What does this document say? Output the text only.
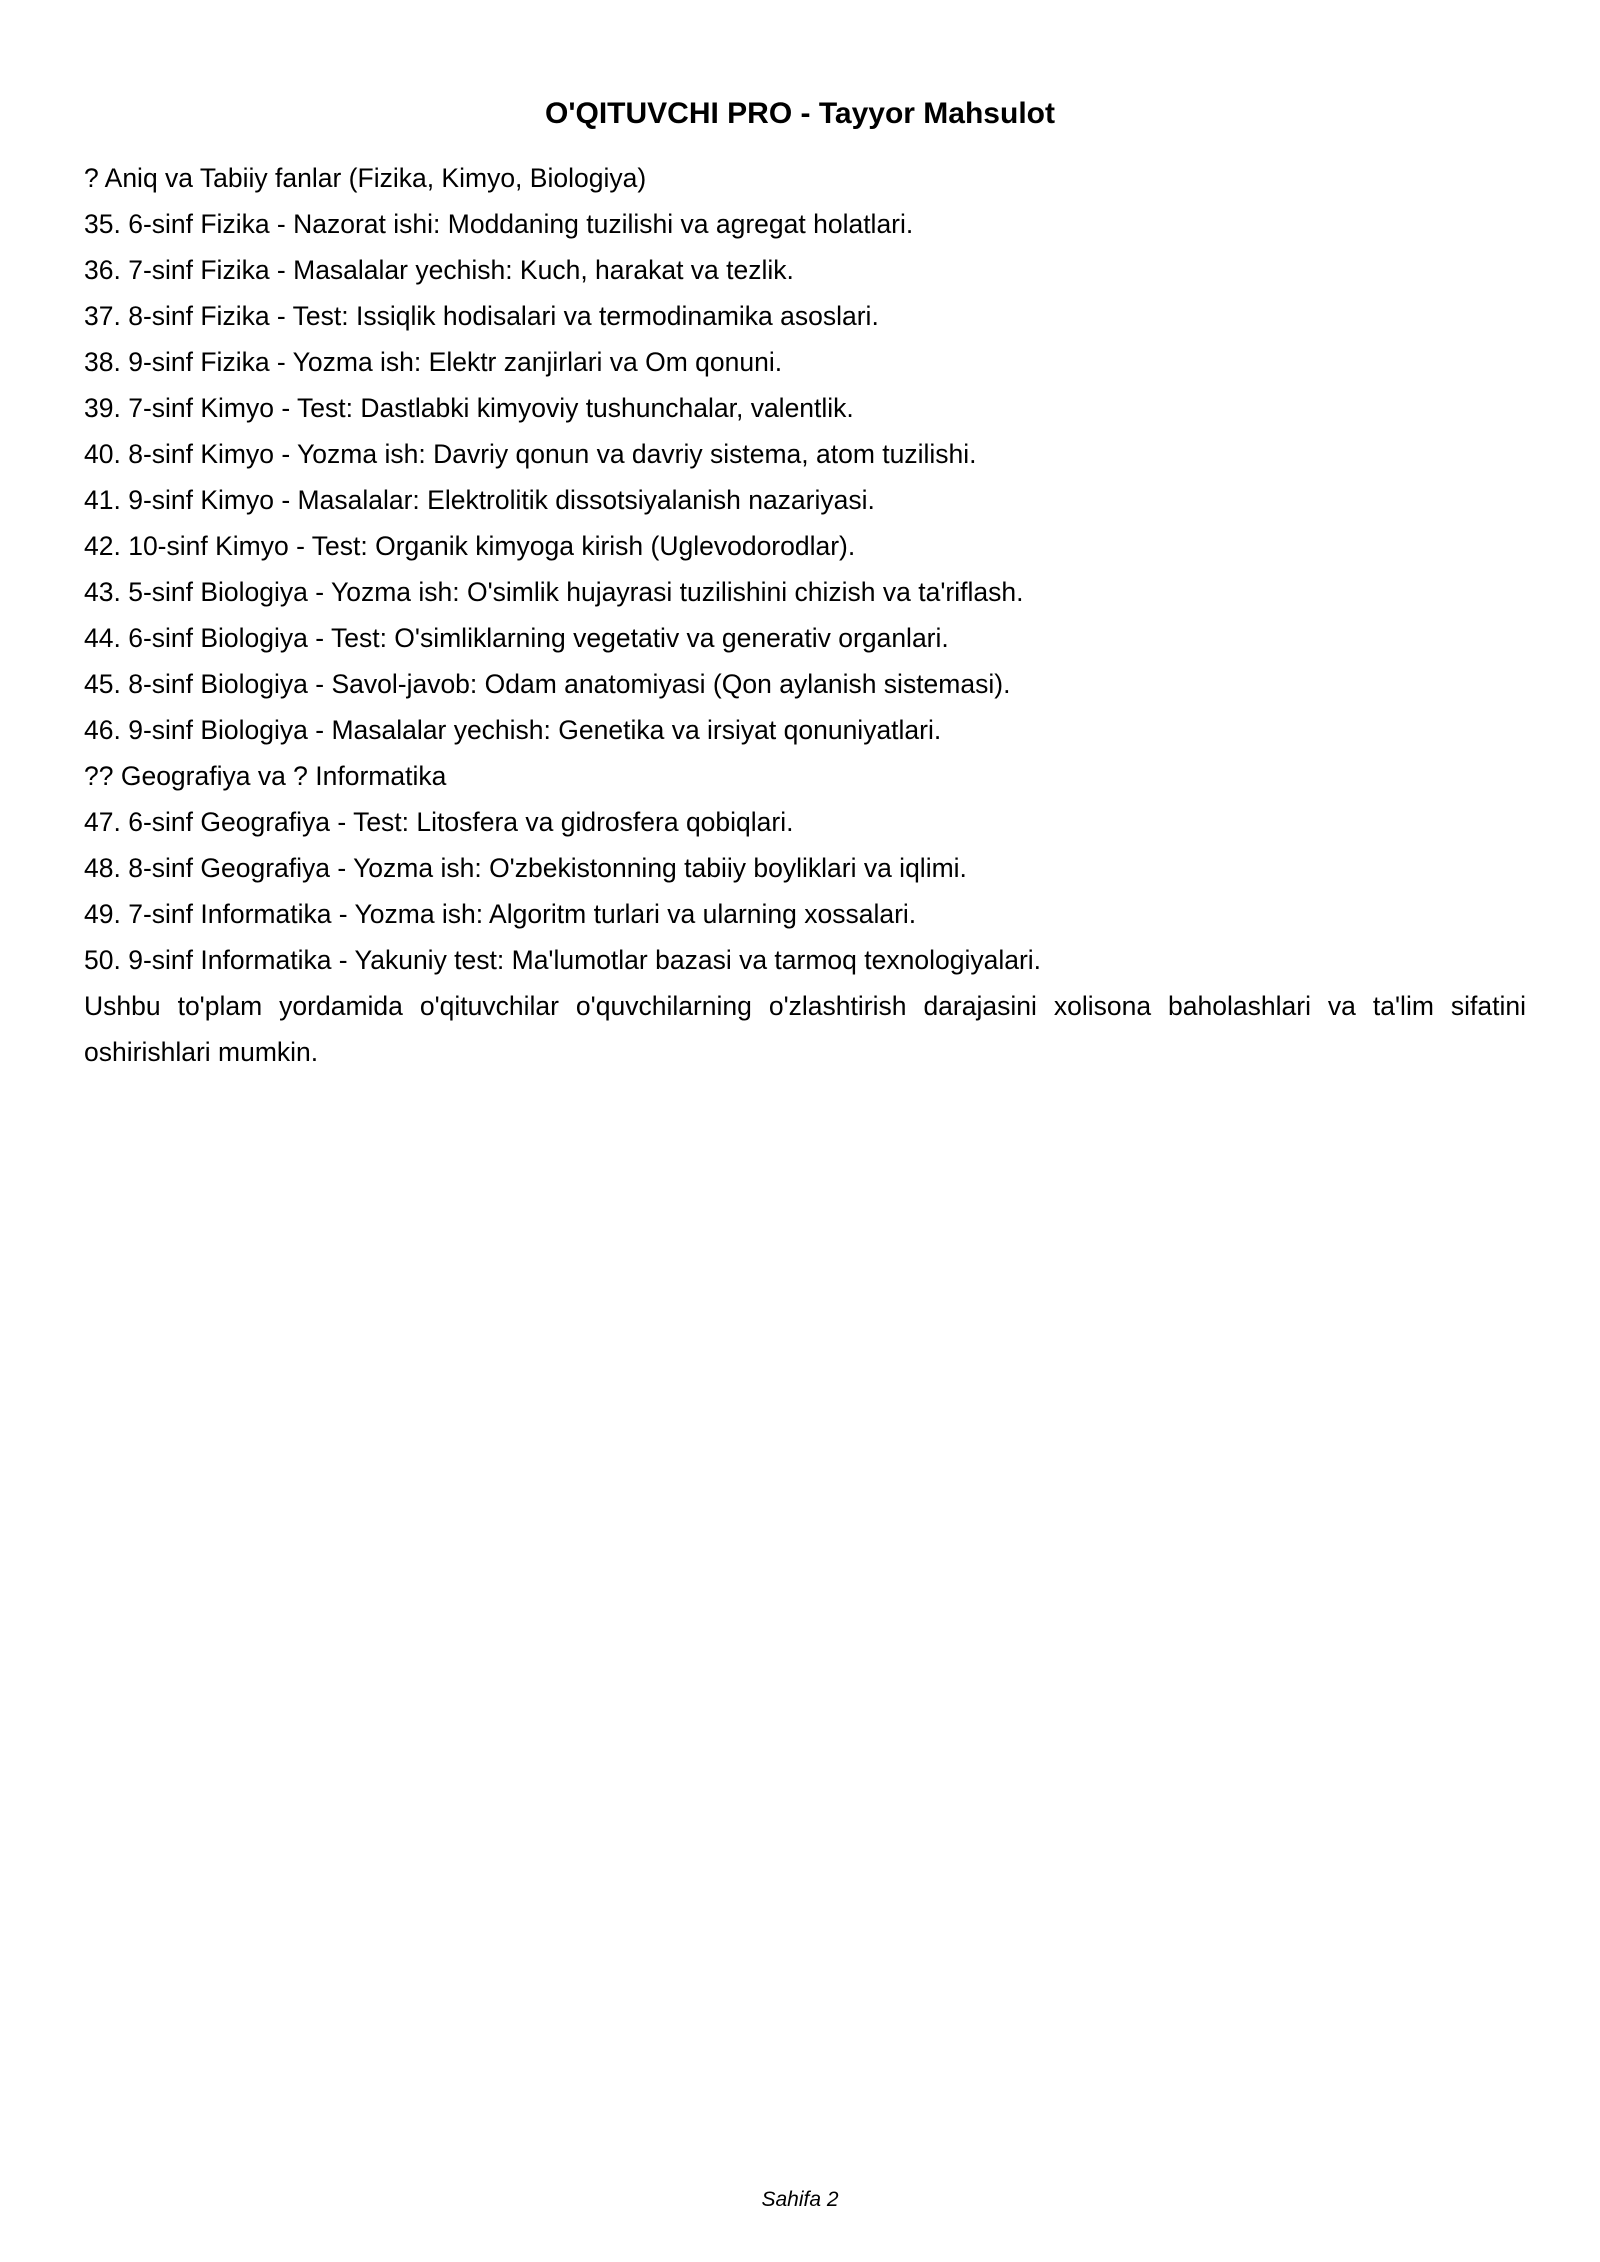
O'QITUVCHI PRO - Tayyor Mahsulot
? Aniq va Tabiiy fanlar (Fizika, Kimyo, Biologiya)
35. 6-sinf Fizika - Nazorat ishi: Moddaning tuzilishi va agregat holatlari.
36. 7-sinf Fizika - Masalalar yechish: Kuch, harakat va tezlik.
37. 8-sinf Fizika - Test: Issiqlik hodisalari va termodinamika asoslari.
38. 9-sinf Fizika - Yozma ish: Elektr zanjirlari va Om qonuni.
39. 7-sinf Kimyo - Test: Dastlabki kimyoviy tushunchalar, valentlik.
40. 8-sinf Kimyo - Yozma ish: Davriy qonun va davriy sistema, atom tuzilishi.
41. 9-sinf Kimyo - Masalalar: Elektrolitik dissotsiyalanish nazariyasi.
42. 10-sinf Kimyo - Test: Organik kimyoga kirish (Uglevodorodlar).
43. 5-sinf Biologiya - Yozma ish: O'simlik hujayrasi tuzilishini chizish va ta'riflash.
44. 6-sinf Biologiya - Test: O'simliklarning vegetativ va generativ organlari.
45. 8-sinf Biologiya - Savol-javob: Odam anatomiyasi (Qon aylanish sistemasi).
46. 9-sinf Biologiya - Masalalar yechish: Genetika va irsiyat qonuniyatlari.
?? Geografiya va ? Informatika
47. 6-sinf Geografiya - Test: Litosfera va gidrosfera qobiqlari.
48. 8-sinf Geografiya - Yozma ish: O'zbekistonning tabiiy boyliklari va iqlimi.
49. 7-sinf Informatika - Yozma ish: Algoritm turlari va ularning xossalari.
50. 9-sinf Informatika - Yakuniy test: Ma'lumotlar bazasi va tarmoq texnologiyalari.
Ushbu to'plam yordamida o'qituvchilar o'quvchilarning o'zlashtirish darajasini xolisona baholashlari va ta'lim sifatini oshirishlari mumkin.
Sahifa 2
